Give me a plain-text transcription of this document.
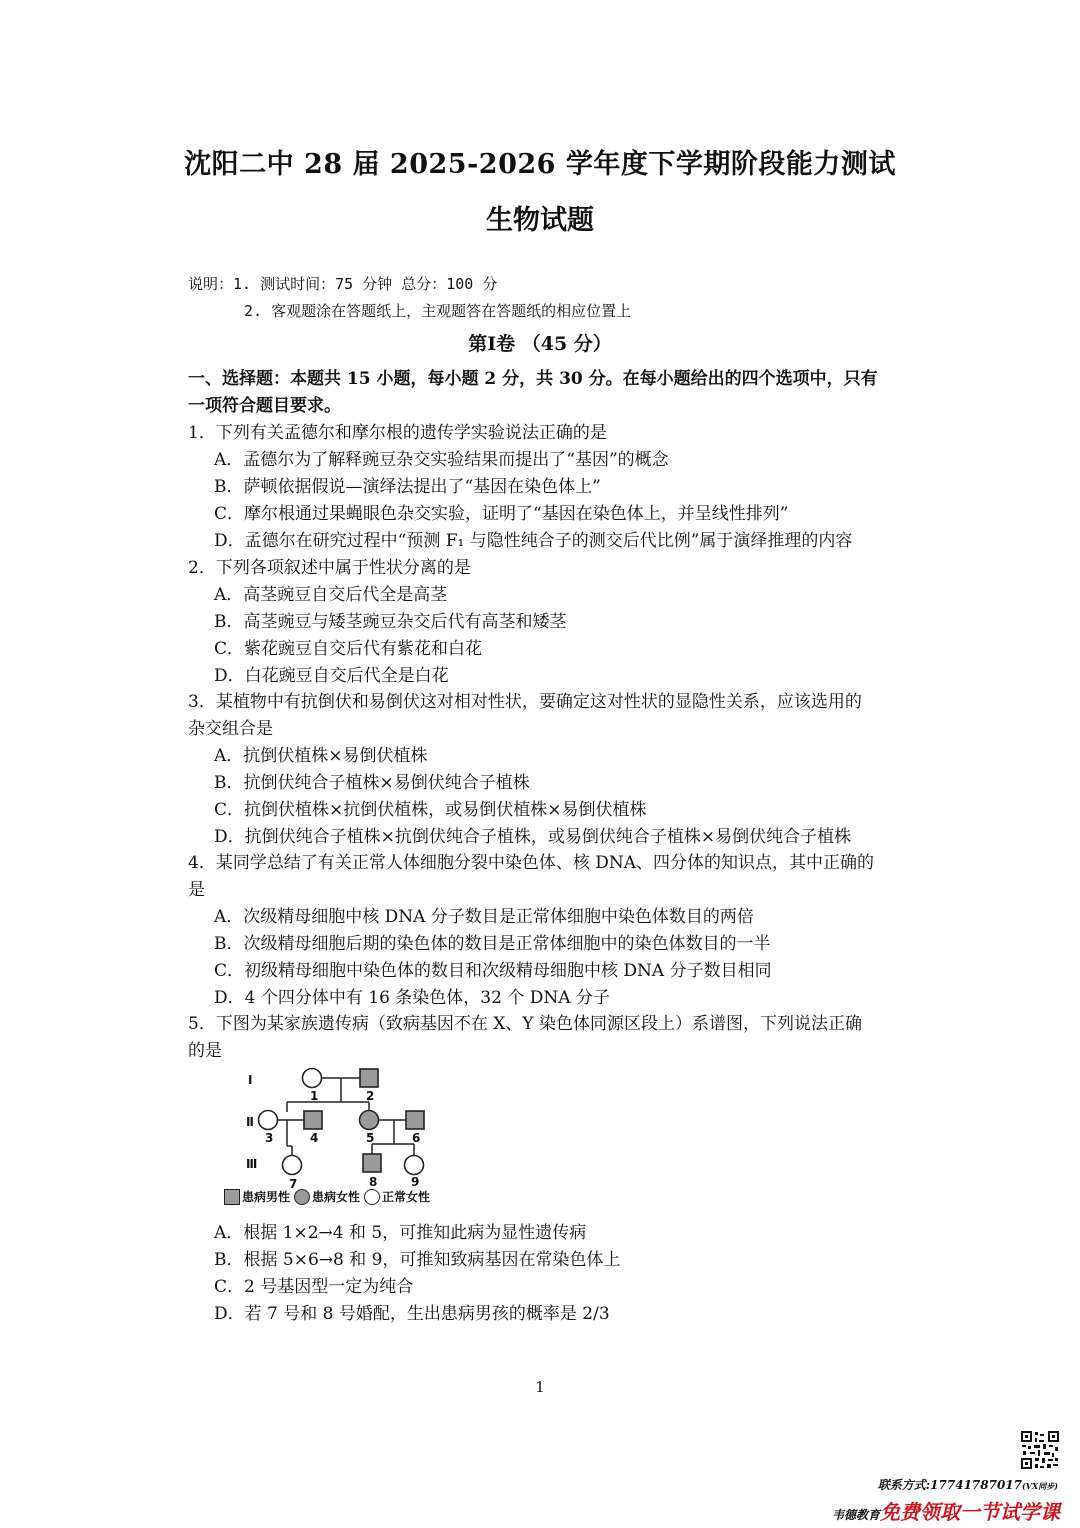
沈阳二中 28 届 2025-2026 学年度下学期阶段能力测试
生物试题
说明：1. 测试时间：75 分钟 总分：100 分
2. 客观题涂在答题纸上，主观题答在答题纸的相应位置上
第Ⅰ卷 （45 分）
一、选择题：本题共 15 小题，每小题 2 分，共 30 分。在每小题给出的四个选项中，只有
一项符合题目要求。
1．下列有关孟德尔和摩尔根的遗传学实验说法正确的是
A．孟德尔为了解释豌豆杂交实验结果而提出了“基因”的概念
B．萨顿依据假说—演绎法提出了“基因在染色体上”
C．摩尔根通过果蝇眼色杂交实验，证明了“基因在染色体上，并呈线性排列”
D．孟德尔在研究过程中“预测 F₁ 与隐性纯合子的测交后代比例”属于演绎推理的内容
2．下列各项叙述中属于性状分离的是
A．高茎豌豆自交后代全是高茎
B．高茎豌豆与矮茎豌豆杂交后代有高茎和矮茎
C．紫花豌豆自交后代有紫花和白花
D．白花豌豆自交后代全是白花
3．某植物中有抗倒伏和易倒伏这对相对性状，要确定这对性状的显隐性关系，应该选用的
杂交组合是
A．抗倒伏植株×易倒伏植株
B．抗倒伏纯合子植株×易倒伏纯合子植株
C．抗倒伏植株×抗倒伏植株，或易倒伏植株×易倒伏植株
D．抗倒伏纯合子植株×抗倒伏纯合子植株，或易倒伏纯合子植株×易倒伏纯合子植株
4．某同学总结了有关正常人体细胞分裂中染色体、核 DNA、四分体的知识点，其中正确的
是
A．次级精母细胞中核 DNA 分子数目是正常体细胞中染色体数目的两倍
B．次级精母细胞后期的染色体的数目是正常体细胞中的染色体数目的一半
C．初级精母细胞中染色体的数目和次级精母细胞中核 DNA 分子数目相同
D．4 个四分体中有 16 条染色体，32 个 DNA 分子
5．下图为某家族遗传病（致病基因不在 X、Y 染色体同源区段上）系谱图，下列说法正确
的是
Ⅰ
Ⅱ
Ⅲ
1	2
3	4	5	6
7	8	9
患病男性 患病女性 正常女性
A．根据 1×2→4 和 5，可推知此病为显性遗传病
B．根据 5×6→8 和 9，可推知致病基因在常染色体上
C．2 号基因型一定为纯合
D．若 7 号和 8 号婚配，生出患病男孩的概率是 2/3
1
联系方式:17741787017(VX同步)
韦德教育免费领取一节试学课
